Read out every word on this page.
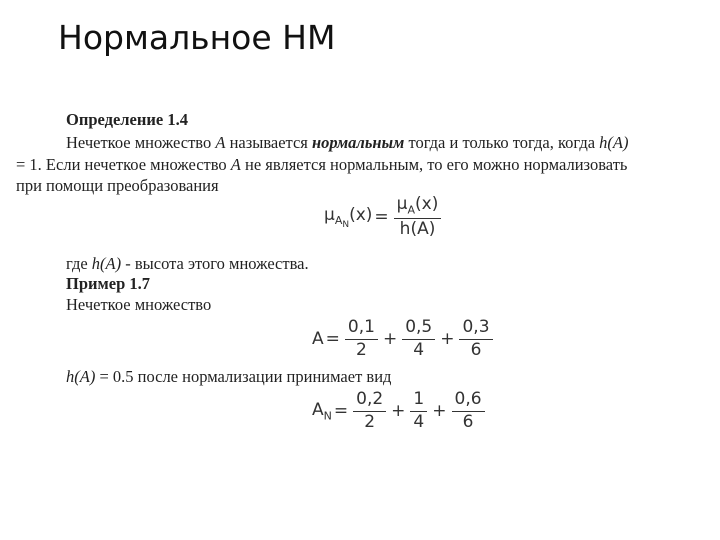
Нормальное НМ
Определение 1.4
Нечеткое множество A называется нормальным тогда и только тогда, когда h(A)
= 1. Если нечеткое множество A не является нормальным, то его можно нормализовать
при помощи преобразования
$\mu_{A_N}(x) = \frac{\mu_A(x)}{h(A)}$
где h(A) - высота этого множества.
Пример 1.7
Нечеткое множество
$A = \frac{0,1}{2} + \frac{0,5}{4} + \frac{0,3}{6}$
h(A) = 0.5 после нормализации принимает вид
$A_N = \frac{0,2}{2} + \frac{1}{4} + \frac{0,6}{6}$
